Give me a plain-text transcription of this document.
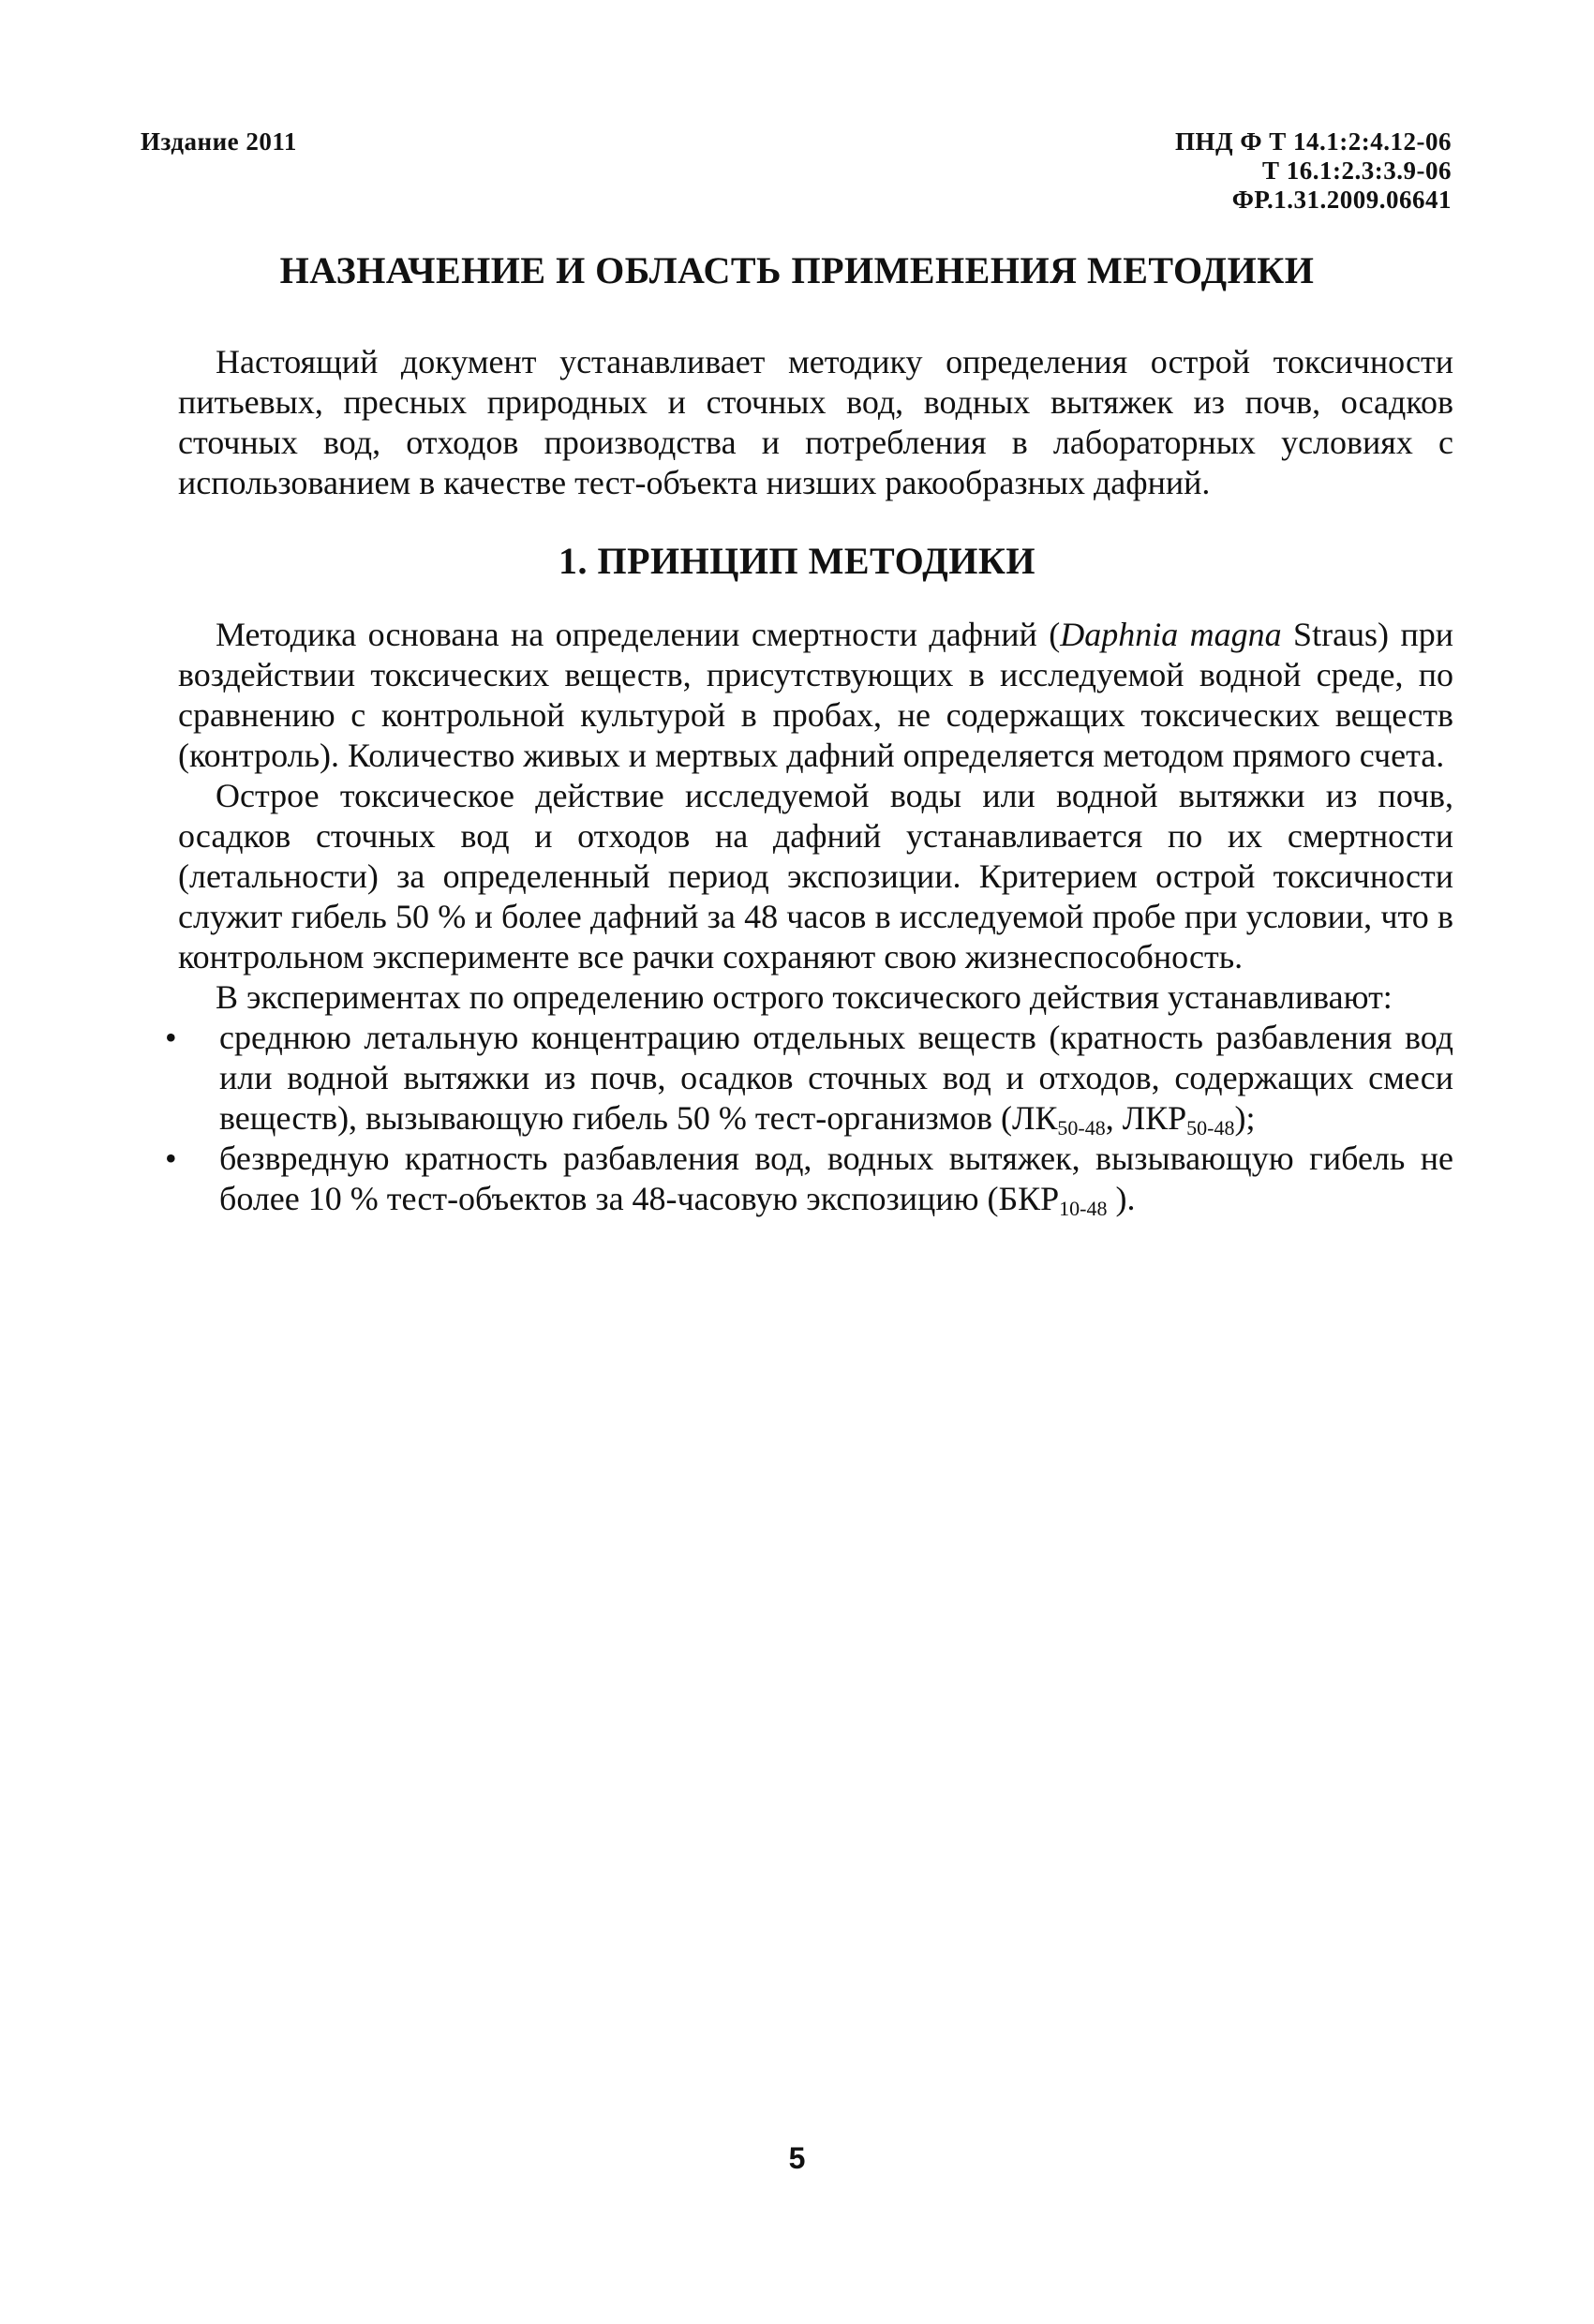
Издание 2011	ПНД Ф Т 14.1:2:4.12-06
Т 16.1:2.3:3.9-06
ФР.1.31.2009.06641
НАЗНАЧЕНИЕ И ОБЛАСТЬ ПРИМЕНЕНИЯ МЕТОДИКИ

Настоящий документ устанавливает методику определения острой токсичности питьевых, пресных природных и сточных вод, водных вытяжек из почв, осадков сточных вод, отходов производства и потребления в лабораторных условиях с использованием в качестве тест-объекта низших ракообразных дафний.

1. ПРИНЦИП МЕТОДИКИ

Методика основана на определении смертности дафний (Daphnia magna Straus) при воздействии токсических веществ, присутствующих в исследуемой водной среде, по сравнению с контрольной культурой в пробах, не содержащих токсических веществ (контроль). Количество живых и мертвых дафний определяется методом прямого счета.

Острое токсическое действие исследуемой воды или водной вытяжки из почв, осадков сточных вод и отходов на дафний устанавливается по их смертности (летальности) за определенный период экспозиции. Критерием острой токсичности служит гибель 50 % и более дафний за 48 часов в исследуемой пробе при условии, что в контрольном эксперименте все рачки сохраняют свою жизнеспособность.

В экспериментах по определению острого токсического действия устанавливают:

• среднюю летальную концентрацию отдельных веществ (кратность разбавления вод или водной вытяжки из почв, осадков сточных вод и отходов, содержащих смеси веществ), вызывающую гибель 50 % тест-организмов ($ЛК_{50-48}$, $ЛКР_{50-48}$);
• безвредную кратность разбавления вод, водных вытяжек, вызывающую гибель не более 10 % тест-объектов за 48-часовую экспозицию ($БКР_{10-48}$ ).
5
